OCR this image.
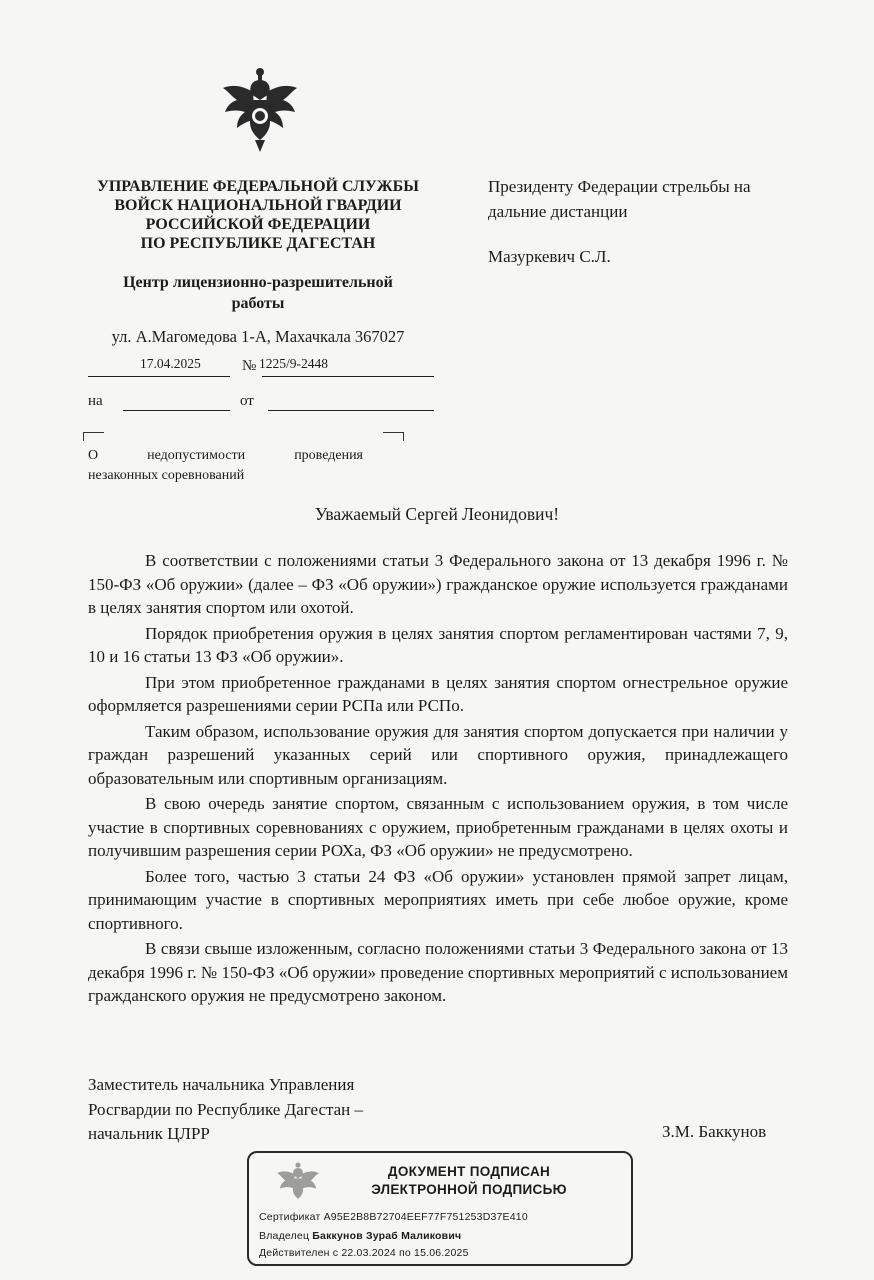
УПРАВЛЕНИЕ ФЕДЕРАЛЬНОЙ СЛУЖБЫ
ВОЙСК НАЦИОНАЛЬНОЙ ГВАРДИИ
РОССИЙСКОЙ ФЕДЕРАЦИИ
ПО РЕСПУБЛИКЕ ДАГЕСТАН
Центр лицензионно-разрешительной
работы
ул. А.Магомедова 1-А, Махачкала 367027
17.04.2025	№ 1225/9-2448
на	от
О	недопустимости	проведения
незаконных соревнований
Президенту Федерации стрельбы на
дальние дистанции
Мазуркевич С.Л.
Уважаемый Сергей Леонидович!

В соответствии с положениями статьи 3 Федерального закона от 13 декабря 1996 г. № 150-ФЗ «Об оружии» (далее – ФЗ «Об оружии») гражданское оружие используется гражданами в целях занятия спортом или охотой.

Порядок приобретения оружия в целях занятия спортом регламентирован частями 7, 9, 10 и 16 статьи 13 ФЗ «Об оружии».

При этом приобретенное гражданами в целях занятия спортом огнестрельное оружие оформляется разрешениями серии РСПа или РСПо.

Таким образом, использование оружия для занятия спортом допускается при наличии у граждан разрешений указанных серий или спортивного оружия, принадлежащего образовательным или спортивным организациям.

В свою очередь занятие спортом, связанным с использованием оружия, в том числе участие в спортивных соревнованиях с оружием, приобретенным гражданами в целях охоты и получившим разрешения серии РОХа, ФЗ «Об оружии» не предусмотрено.

Более того, частью 3 статьи 24 ФЗ «Об оружии» установлен прямой запрет лицам, принимающим участие в спортивных мероприятиях иметь при себе любое оружие, кроме спортивного.

В связи свыше изложенным, согласно положениями статьи 3 Федерального закона от 13 декабря 1996 г. № 150-ФЗ «Об оружии» проведение спортивных мероприятий с использованием гражданского оружия не предусмотрено законом.

Заместитель начальника Управления
Росгвардии по Республике Дагестан –
начальник ЦЛРР	З.М. Баккунов
ДОКУМЕНТ ПОДПИСАН
ЭЛЕКТРОННОЙ ПОДПИСЬЮ
Сертификат A95E2B8B72704EEF77F751253D37E410
Владелец Баккунов Зураб Маликович
Действителен с 22.03.2024 по 15.06.2025
